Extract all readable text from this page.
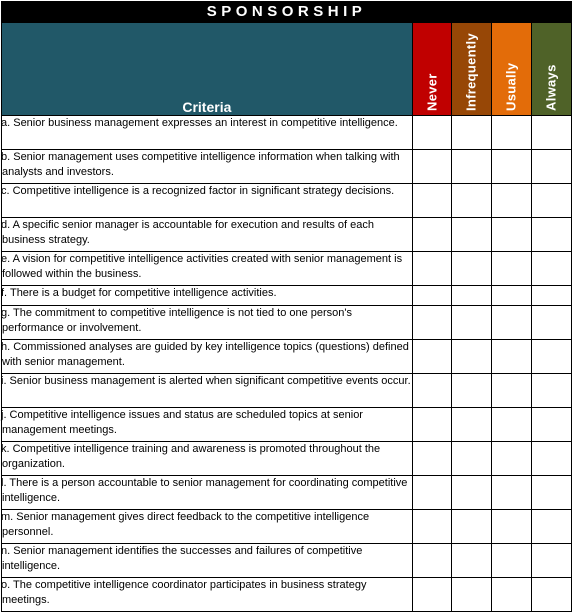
SPONSORSHIP
Criteria	Never	Infrequently	Usually	Always

a. Senior business management expresses an interest in competitive intelligence.				

b. Senior management uses competitive intelligence information when talking with analysts and investors.				

c. Competitive intelligence is a recognized factor in significant strategy decisions.				

d. A specific senior manager is accountable for execution and results of each business strategy.				

e. A vision for competitive intelligence activities created with senior management is followed within the business.				

f. There is a budget for competitive intelligence activities.				

g. The commitment to competitive intelligence is not tied to one person's performance or involvement.				

h. Commissioned analyses are guided by key intelligence topics (questions) defined with senior management.				

i. Senior business management is alerted when significant competitive events occur.				

j. Competitive intelligence issues and status are scheduled topics at senior management meetings.				

k. Competitive intelligence training and awareness is promoted throughout the organization.				

l. There is a person accountable to senior management for coordinating competitive intelligence.				

m. Senior management gives direct feedback to the competitive intelligence personnel.				

n. Senior management identifies the successes and failures of competitive intelligence.				

o. The competitive intelligence coordinator participates in business strategy meetings.				
